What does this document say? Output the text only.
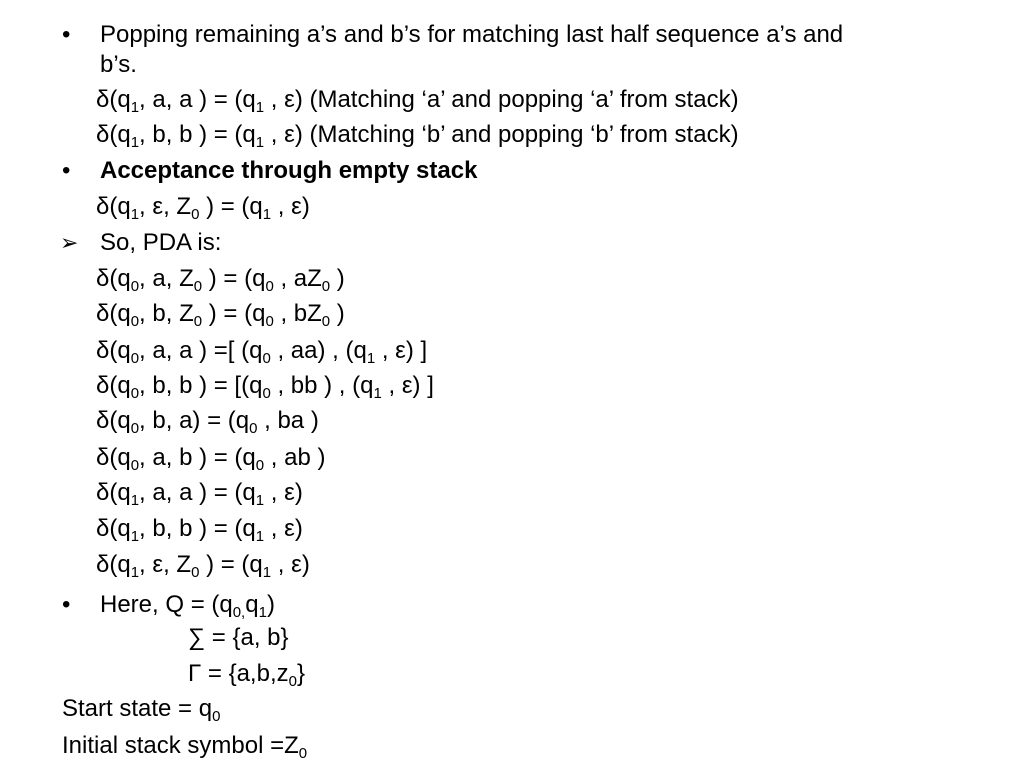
• Popping remaining a’s and b’s for matching last half sequence a’s and
b’s.
$\delta(q_1$, a, a ) = ($q_1$ , ε) (Matching ‘a’ and popping ‘a’ from stack)
$\delta(q_1$, b, b ) = ($q_1$ , ε) (Matching ‘b’ and popping ‘b’ from stack)
• Acceptance through empty stack
$\delta(q_1$, ε, $Z_0$ ) = ($q_1$ , ε)
➢ So, PDA is:
$\delta(q_0$, a, $Z_0$ ) = ($q_0$ , $aZ_0$ )
$\delta(q_0$, b, $Z_0$ ) = ($q_0$ , $bZ_0$ )
$\delta(q_0$, a, a ) =[ ($q_0$ , aa) , ($q_1$ , ε) ]
$\delta(q_0$, b, b ) = [($q_0$ , bb ) , ($q_1$ , ε) ]
$\delta(q_0$, b, $a) = (q_0$ , ba )
$\delta(q_0$, a, b ) = ($q_0$ , ab )
$\delta(q_1$, a, a ) = ($q_1$ , ε)
$\delta(q_1$, b, b ) = ($q_1$ , ε)
$\delta(q_1$, ε, $Z_0$ ) = ($q_1$ , ε)
• Here, $Q = (q_{0,}q_1)$
∑ = {a, b}
$\Gamma = \{a,b,z_0\}$
Start state = $q_0$
Initial stack symbol $=Z_0$
